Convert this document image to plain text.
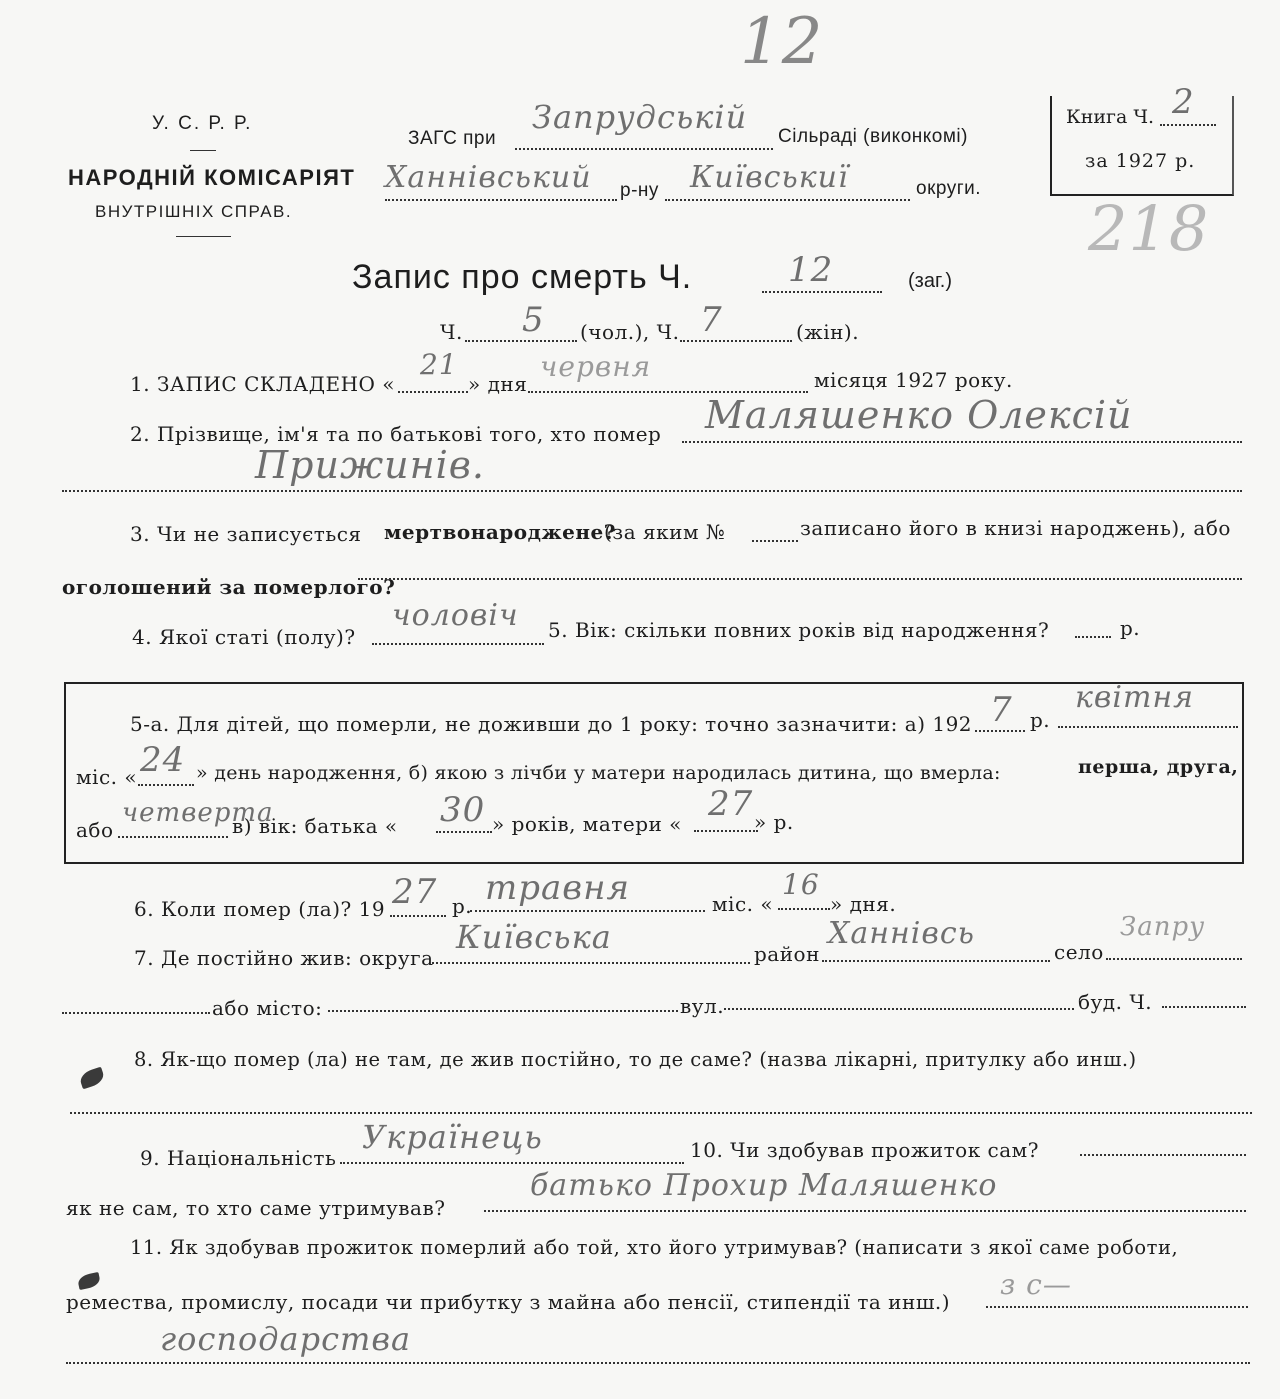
У. С. Р. Р.
НАРОДНІЙ КОМІСАРІЯТ
ВНУТРІШНІХ СПРАВ.
ЗАГС при
Запрудській
Сільраді (виконкомі)
Ханнівський р-ну Київськиї	округи.
12
Книга Ч. 2
за 1927 р.
218
Запис про смерть Ч.	12	(заг.)
Ч. 5 (чол.), Ч. 7	(жін).
1. ЗАПИС СКЛАДЕНО «
21
» дня
червня	місяця 1927 року.
2. Прізвище, ім'я та по батькові того, хто помер Маляшенко Олексій
Прижинів.
3. Чи не записується мертвонароджене?
(за яким №	записано його в книзі народжень), або
оголошений за померлого?
4. Якої статі (полу)?
чоловіч 5. Вік: скільки повних років від народження?	р.
5-а. Для дітей, що померли, не доживши до 1 року: точно зазначити: а) 192 7 р.
квітня
міс. « 24 » день народження, б) якою з лічби у матери народилась дитина, що вмерла:	перша, друга,
або
четверта
в) вік: батька « 30 » років, матери « 27 » р.
6. Коли помер (ла)? 19 27 р. травня	міс. «
16
» дня.
7. Де постійно жив: округа
Київська	район
Ханнівсь
село
Запру
або місто:	вул.	буд. Ч.
8. Як-що помер (ла) не там, де жив постійно, то де саме? (назва лікарні, притулку або инш.)
9. Національність
Українець	10. Чи здобував прожиток сам?
як не сам, то хто саме утримував?
батько Прохир Маляшенко
11. Як здобував прожиток померлий або той, хто його утримував? (написати з якої саме роботи,
ремества, промислу, посади чи прибутку з майна або пенсії, стипендії та инш.)
з с—
господарства
